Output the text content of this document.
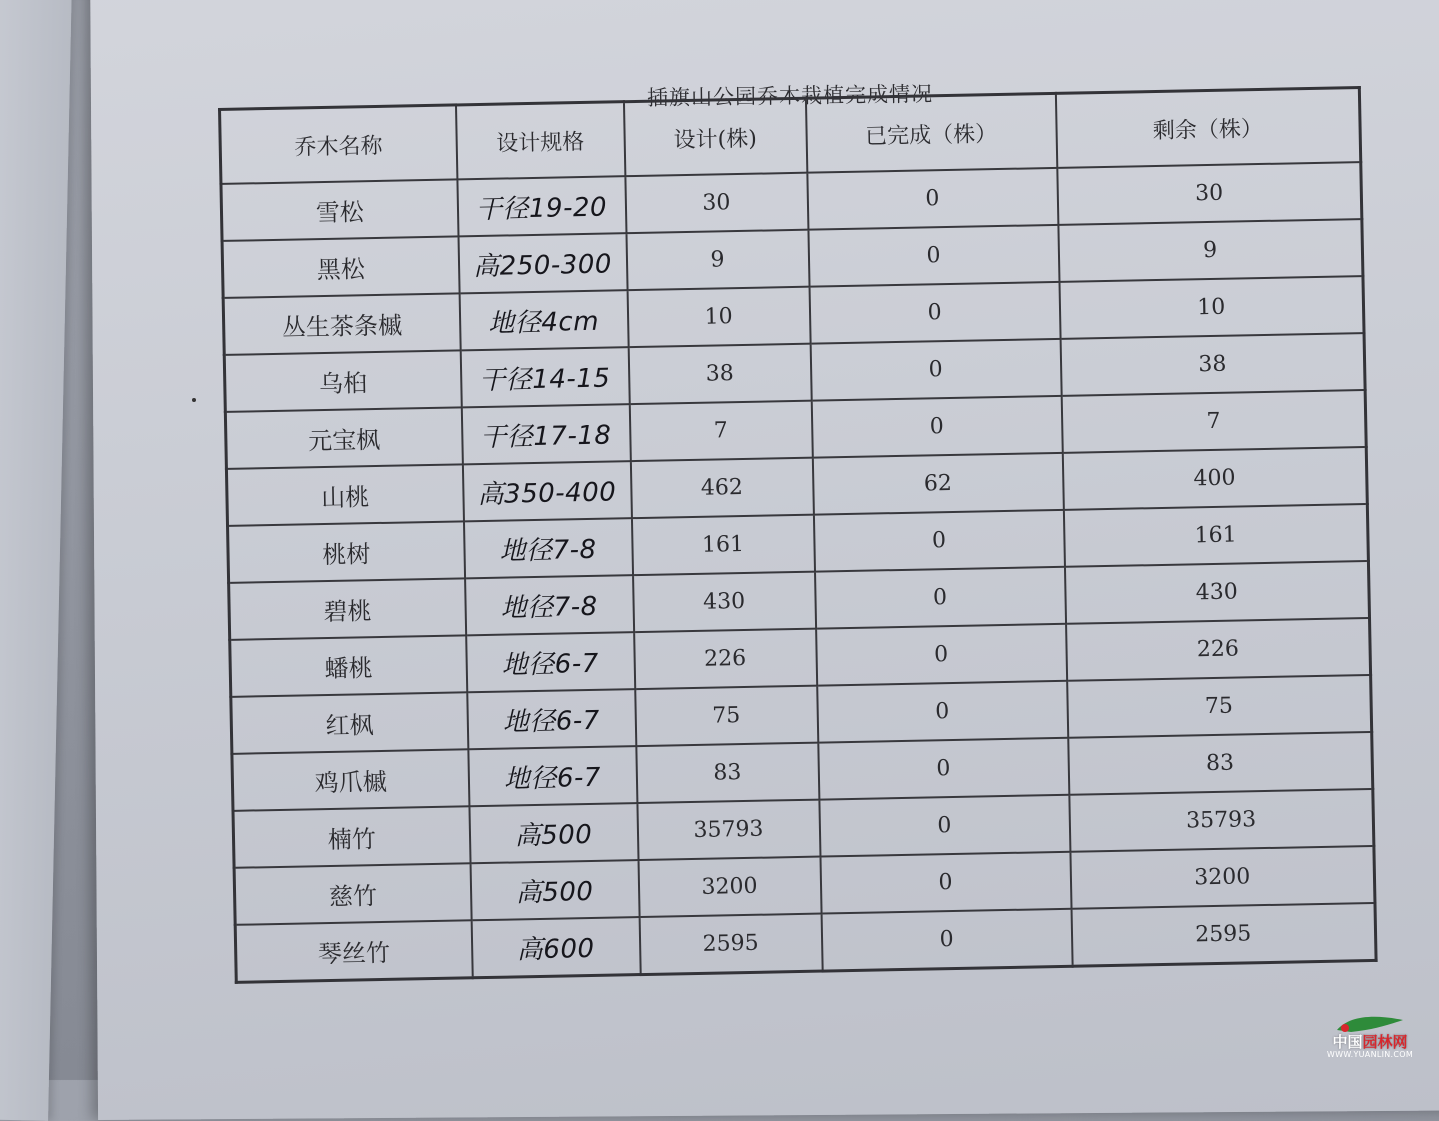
插旗山公园乔木栽植完成情况
乔木名称	设计规格	设计(株)	已完成（株）	剩余（株）
雪松	干径19-20	30	0	30
黑松	高250-300	9	0	9
丛生茶条槭	地径4cm	10	0	10
乌桕	干径14-15	38	0	38
元宝枫	干径17-18	7	0	7
山桃	高350-400	462	62	400
桃树	地径7-8	161	0	161
碧桃	地径7-8	430	0	430
蟠桃	地径6-7	226	0	226
红枫	地径6-7	75	0	75
鸡爪槭	地径6-7	83	0	83
楠竹	高500	35793	0	35793
慈竹	高500	3200	0	3200
琴丝竹	高600	2595	0	2595
中国园林网
WWW.YUANLIN.COM
